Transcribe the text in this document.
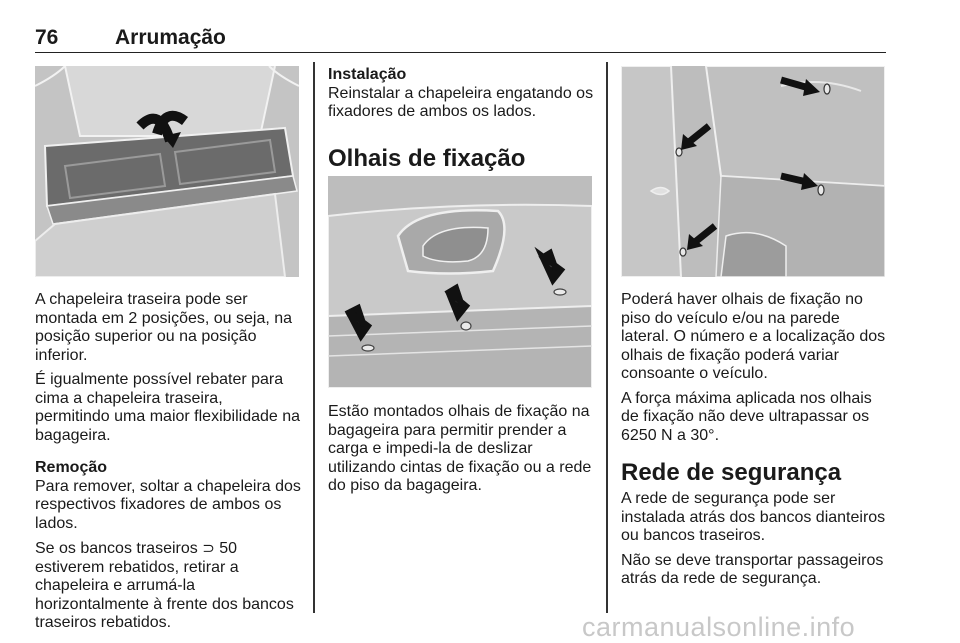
76	Arrumação

A chapeleira traseira pode ser montada em 2 posições, ou seja, na posição superior ou na posição inferior.

É igualmente possível rebater para cima a chapeleira traseira, permitindo uma maior flexibilidade na bagageira.

Remoção

Para remover, soltar a chapeleira dos respectivos fixadores de ambos os lados.

Se os bancos traseiros ⊃ 50
estiverem rebatidos, retirar a chapeleira e arrumá-la horizontalmente à frente dos bancos traseiros rebatidos.

Instalação

Reinstalar a chapeleira engatando os fixadores de ambos os lados.

Olhais de fixação

Estão montados olhais de fixação na bagageira para permitir prender a carga e impedi-la de deslizar utilizando cintas de fixação ou a rede do piso da bagageira.

Poderá haver olhais de fixação no piso do veículo e/ou na parede lateral. O número e a localização dos olhais de fixação poderá variar consoante o veículo.

A força máxima aplicada nos olhais de fixação não deve ultrapassar os 6250 N a 30°.

Rede de segurança

A rede de segurança pode ser instalada atrás dos bancos dianteiros ou bancos traseiros.

Não se deve transportar passageiros atrás da rede de segurança.

carmanualsonline.info
